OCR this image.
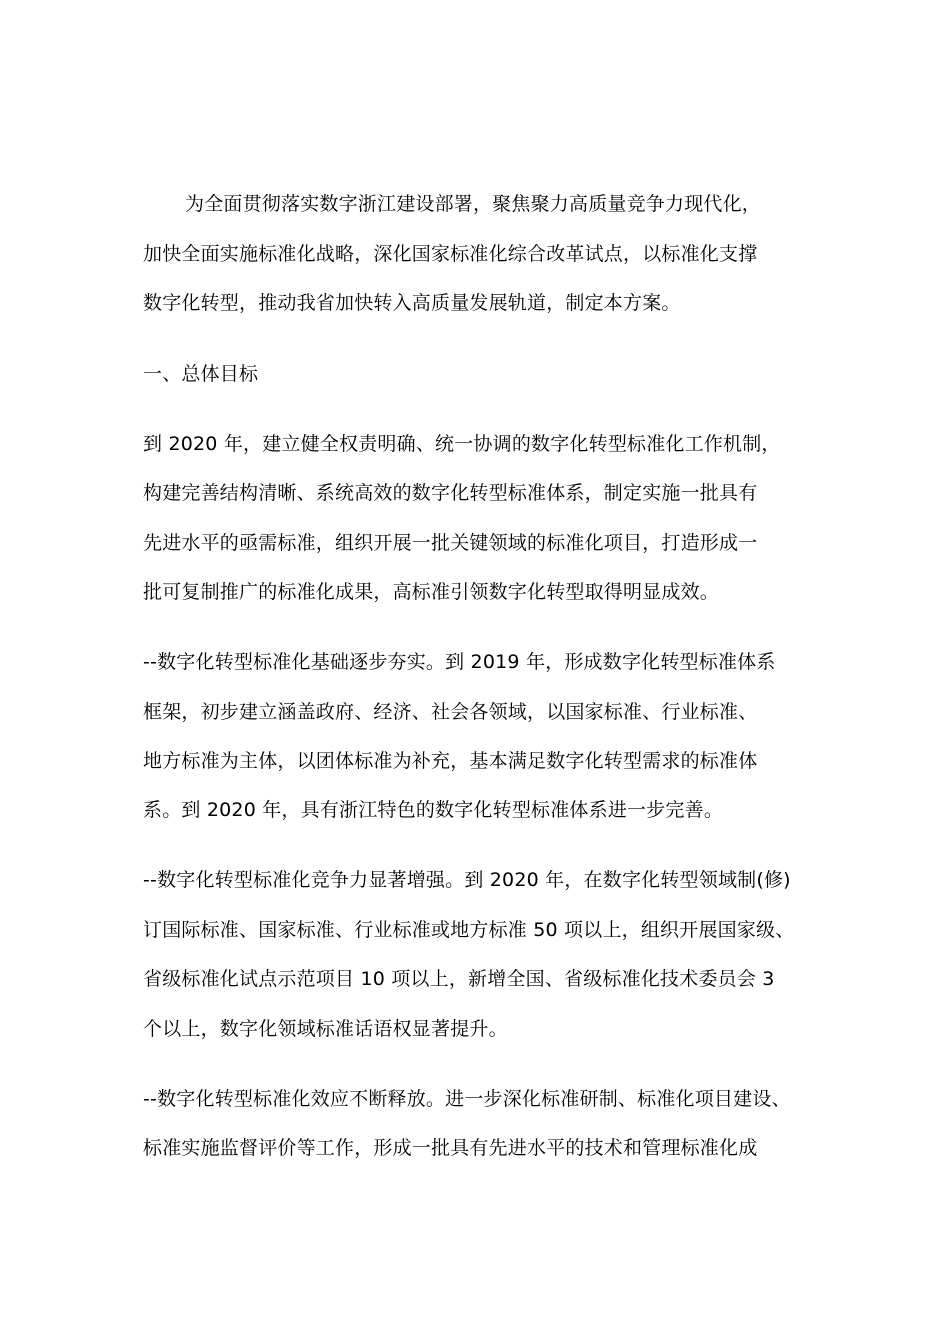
为全面贯彻落实数字浙江建设部署，聚焦聚力高质量竞争力现代化，
加快全面实施标准化战略，深化国家标准化综合改革试点，以标准化支撑
数字化转型，推动我省加快转入高质量发展轨道，制定本方案。
一、总体目标
到 2020 年，建立健全权责明确、统一协调的数字化转型标准化工作机制，
构建完善结构清晰、系统高效的数字化转型标准体系，制定实施一批具有
先进水平的亟需标准，组织开展一批关键领域的标准化项目，打造形成一
批可复制推广的标准化成果，高标准引领数字化转型取得明显成效。
--数字化转型标准化基础逐步夯实。到 2019 年，形成数字化转型标准体系
框架，初步建立涵盖政府、经济、社会各领域，以国家标准、行业标准、
地方标准为主体，以团体标准为补充，基本满足数字化转型需求的标准体
系。到 2020 年，具有浙江特色的数字化转型标准体系进一步完善。
--数字化转型标准化竞争力显著增强。到 2020 年，在数字化转型领域制(修)
订国际标准、国家标准、行业标准或地方标准 50 项以上，组织开展国家级、
省级标准化试点示范项目 10 项以上，新增全国、省级标准化技术委员会 3
个以上，数字化领域标准话语权显著提升。
--数字化转型标准化效应不断释放。进一步深化标准研制、标准化项目建设、
标准实施监督评价等工作，形成一批具有先进水平的技术和管理标准化成
